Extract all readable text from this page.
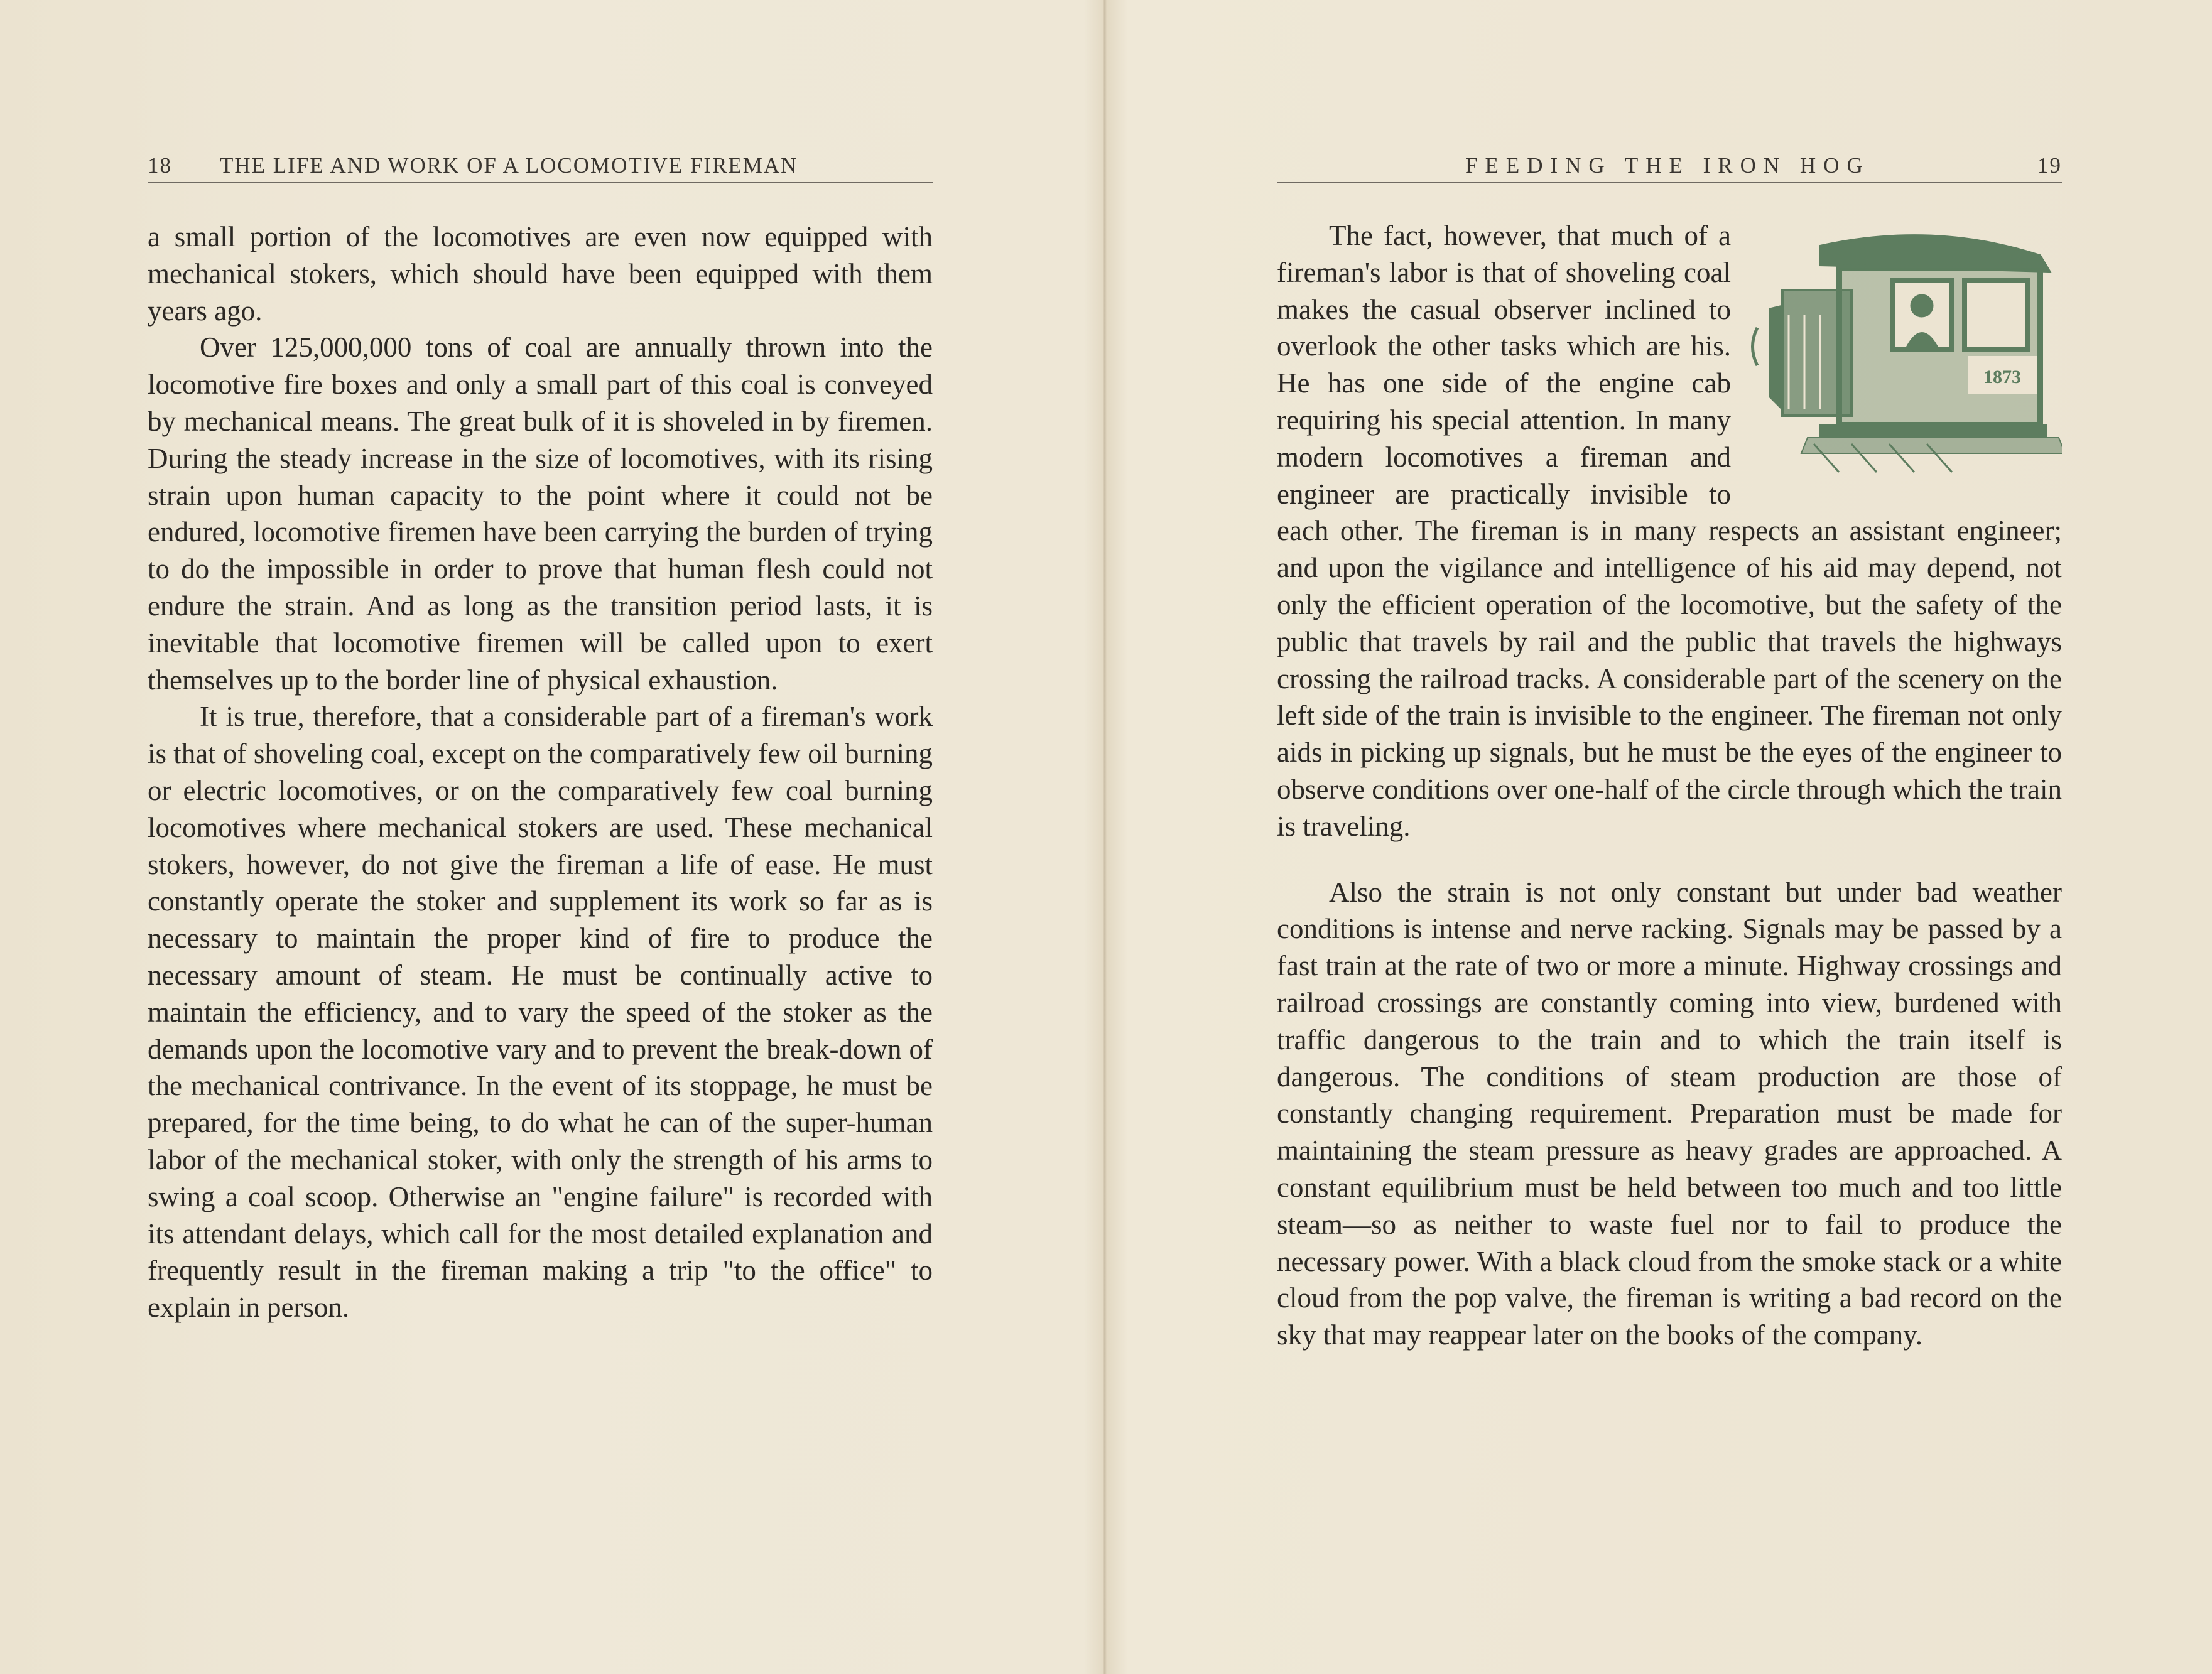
18 THE LIFE AND WORK OF A LOCOMOTIVE FIREMAN

a small portion of the locomotives are even now equipped with mechanical stokers, which should have been equipped with them years ago.

Over 125,000,000 tons of coal are annually thrown into the locomotive fire boxes and only a small part of this coal is conveyed by mechanical means. The great bulk of it is shoveled in by firemen. During the steady increase in the size of locomotives, with its rising strain upon human capacity to the point where it could not be endured, locomotive firemen have been carrying the burden of trying to do the impossible in order to prove that human flesh could not endure the strain. And as long as the transition period lasts, it is inevitable that locomotive firemen will be called upon to exert themselves up to the border line of physical exhaustion.

It is true, therefore, that a considerable part of a fireman's work is that of shoveling coal, except on the comparatively few oil burning or electric locomotives, or on the comparatively few coal burning locomotives where mechanical stokers are used. These mechanical stokers, however, do not give the fireman a life of ease. He must constantly operate the stoker and supplement its work so far as is necessary to maintain the proper kind of fire to produce the necessary amount of steam. He must be continually active to maintain the efficiency, and to vary the speed of the stoker as the demands upon the locomotive vary and to prevent the break-down of the mechanical contrivance. In the event of its stoppage, he must be prepared, for the time being, to do what he can of the super-human labor of the mechanical stoker, with only the strength of his arms to swing a coal scoop. Otherwise an "engine failure" is recorded with its attendant delays, which call for the most detailed explanation and frequently result in the fireman making a trip "to the office" to explain in person.

FEEDING THE IRON HOG	19
1873

The fact, however, that much of a fireman's labor is that of shoveling coal makes the casual observer inclined to overlook the other tasks which are his. He has one side of the engine cab requiring his special attention. In many modern locomotives a fireman and engineer are practically invisible to each other. The fireman is in many respects an assistant engineer; and upon the vigilance and intelligence of his aid may depend, not only the efficient operation of the locomotive, but the safety of the public that travels by rail and the public that travels the highways crossing the railroad tracks. A considerable part of the scenery on the left side of the train is invisible to the engineer. The fireman not only aids in picking up signals, but he must be the eyes of the engineer to observe conditions over one-half of the circle through which the train is traveling.

Also the strain is not only constant but under bad weather conditions is intense and nerve racking. Signals may be passed by a fast train at the rate of two or more a minute. Highway crossings and railroad crossings are constantly coming into view, burdened with traffic dangerous to the train and to which the train itself is dangerous. The conditions of steam production are those of constantly changing requirement. Preparation must be made for maintaining the steam pressure as heavy grades are approached. A constant equilibrium must be held between too much and too little steam—so as neither to waste fuel nor to fail to produce the necessary power. With a black cloud from the smoke stack or a white cloud from the pop valve, the fireman is writing a bad record on the sky that may reappear later on the books of the company.
